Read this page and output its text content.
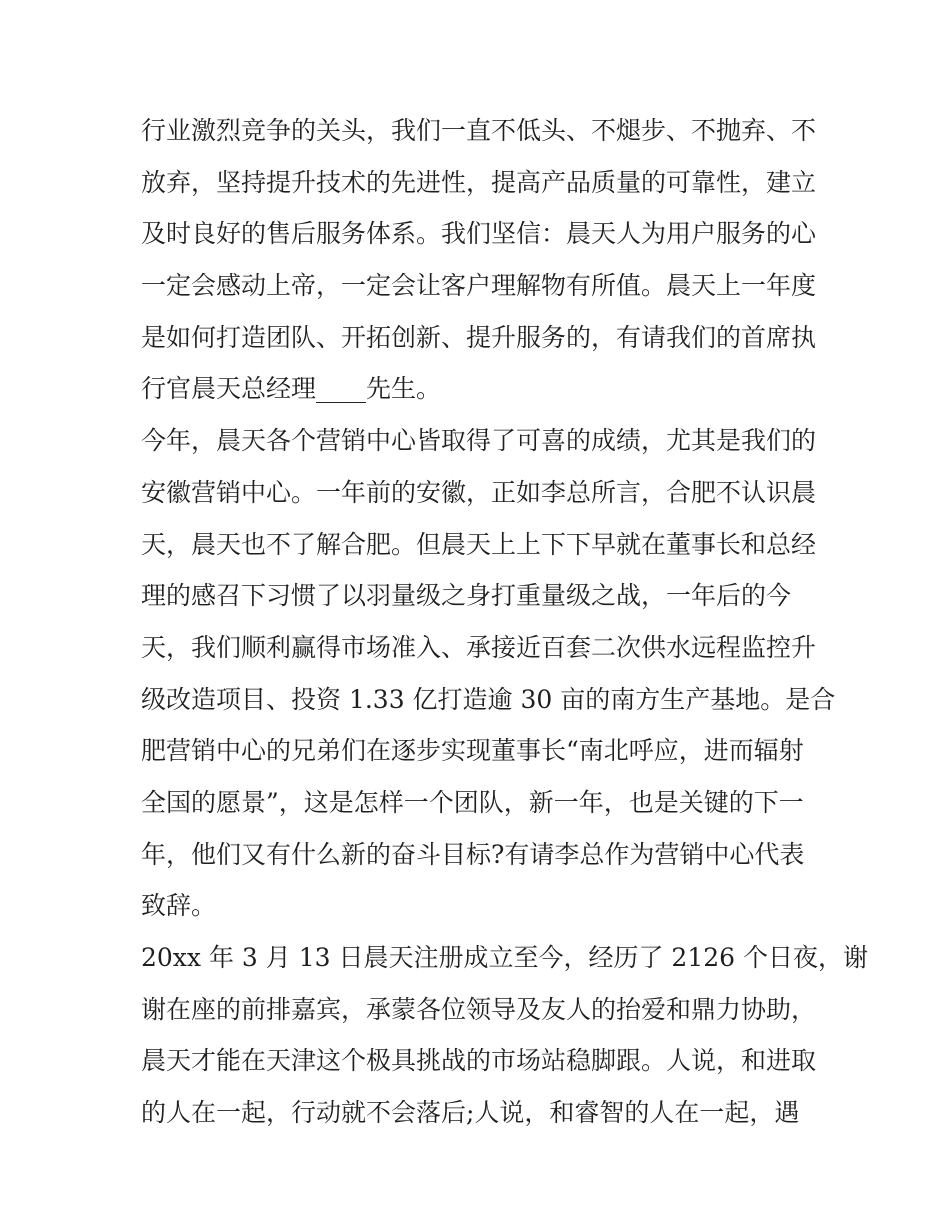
行业激烈竞争的关头，我们一直不低头、不煺步、不抛弃、不
放弃，坚持提升技术的先进性，提高产品质量的可靠性，建立
及时良好的售后服务体系。我们坚信：晨天人为用户服务的心
一定会感动上帝，一定会让客户理解物有所值。晨天上一年度
是如何打造团队、开拓创新、提升服务的，有请我们的首席执
行官晨天总经理____先生。
今年，晨天各个营销中心皆取得了可喜的成绩，尤其是我们的
安徽营销中心。一年前的安徽，正如李总所言，合肥不认识晨
天，晨天也不了解合肥。但晨天上上下下早就在董事长和总经
理的感召下习惯了以羽量级之身打重量级之战，一年后的今
天，我们顺利赢得市场准入、承接近百套二次供水远程监控升
级改造项目、投资 1.33 亿打造逾 30 亩的南方生产基地。是合
肥营销中心的兄弟们在逐步实现董事长“南北呼应，进而辐射
全国的愿景”，这是怎样一个团队，新一年，也是关键的下一
年，他们又有什么新的奋斗目标?有请李总作为营销中心代表
致辞。
20xx 年 3 月 13 日晨天注册成立至今，经历了 2126 个日夜，谢
谢在座的前排嘉宾，承蒙各位领导及友人的抬爱和鼎力协助，
晨天才能在天津这个极具挑战的市场站稳脚跟。人说，和进取
的人在一起，行动就不会落后;人说，和睿智的人在一起，遇
